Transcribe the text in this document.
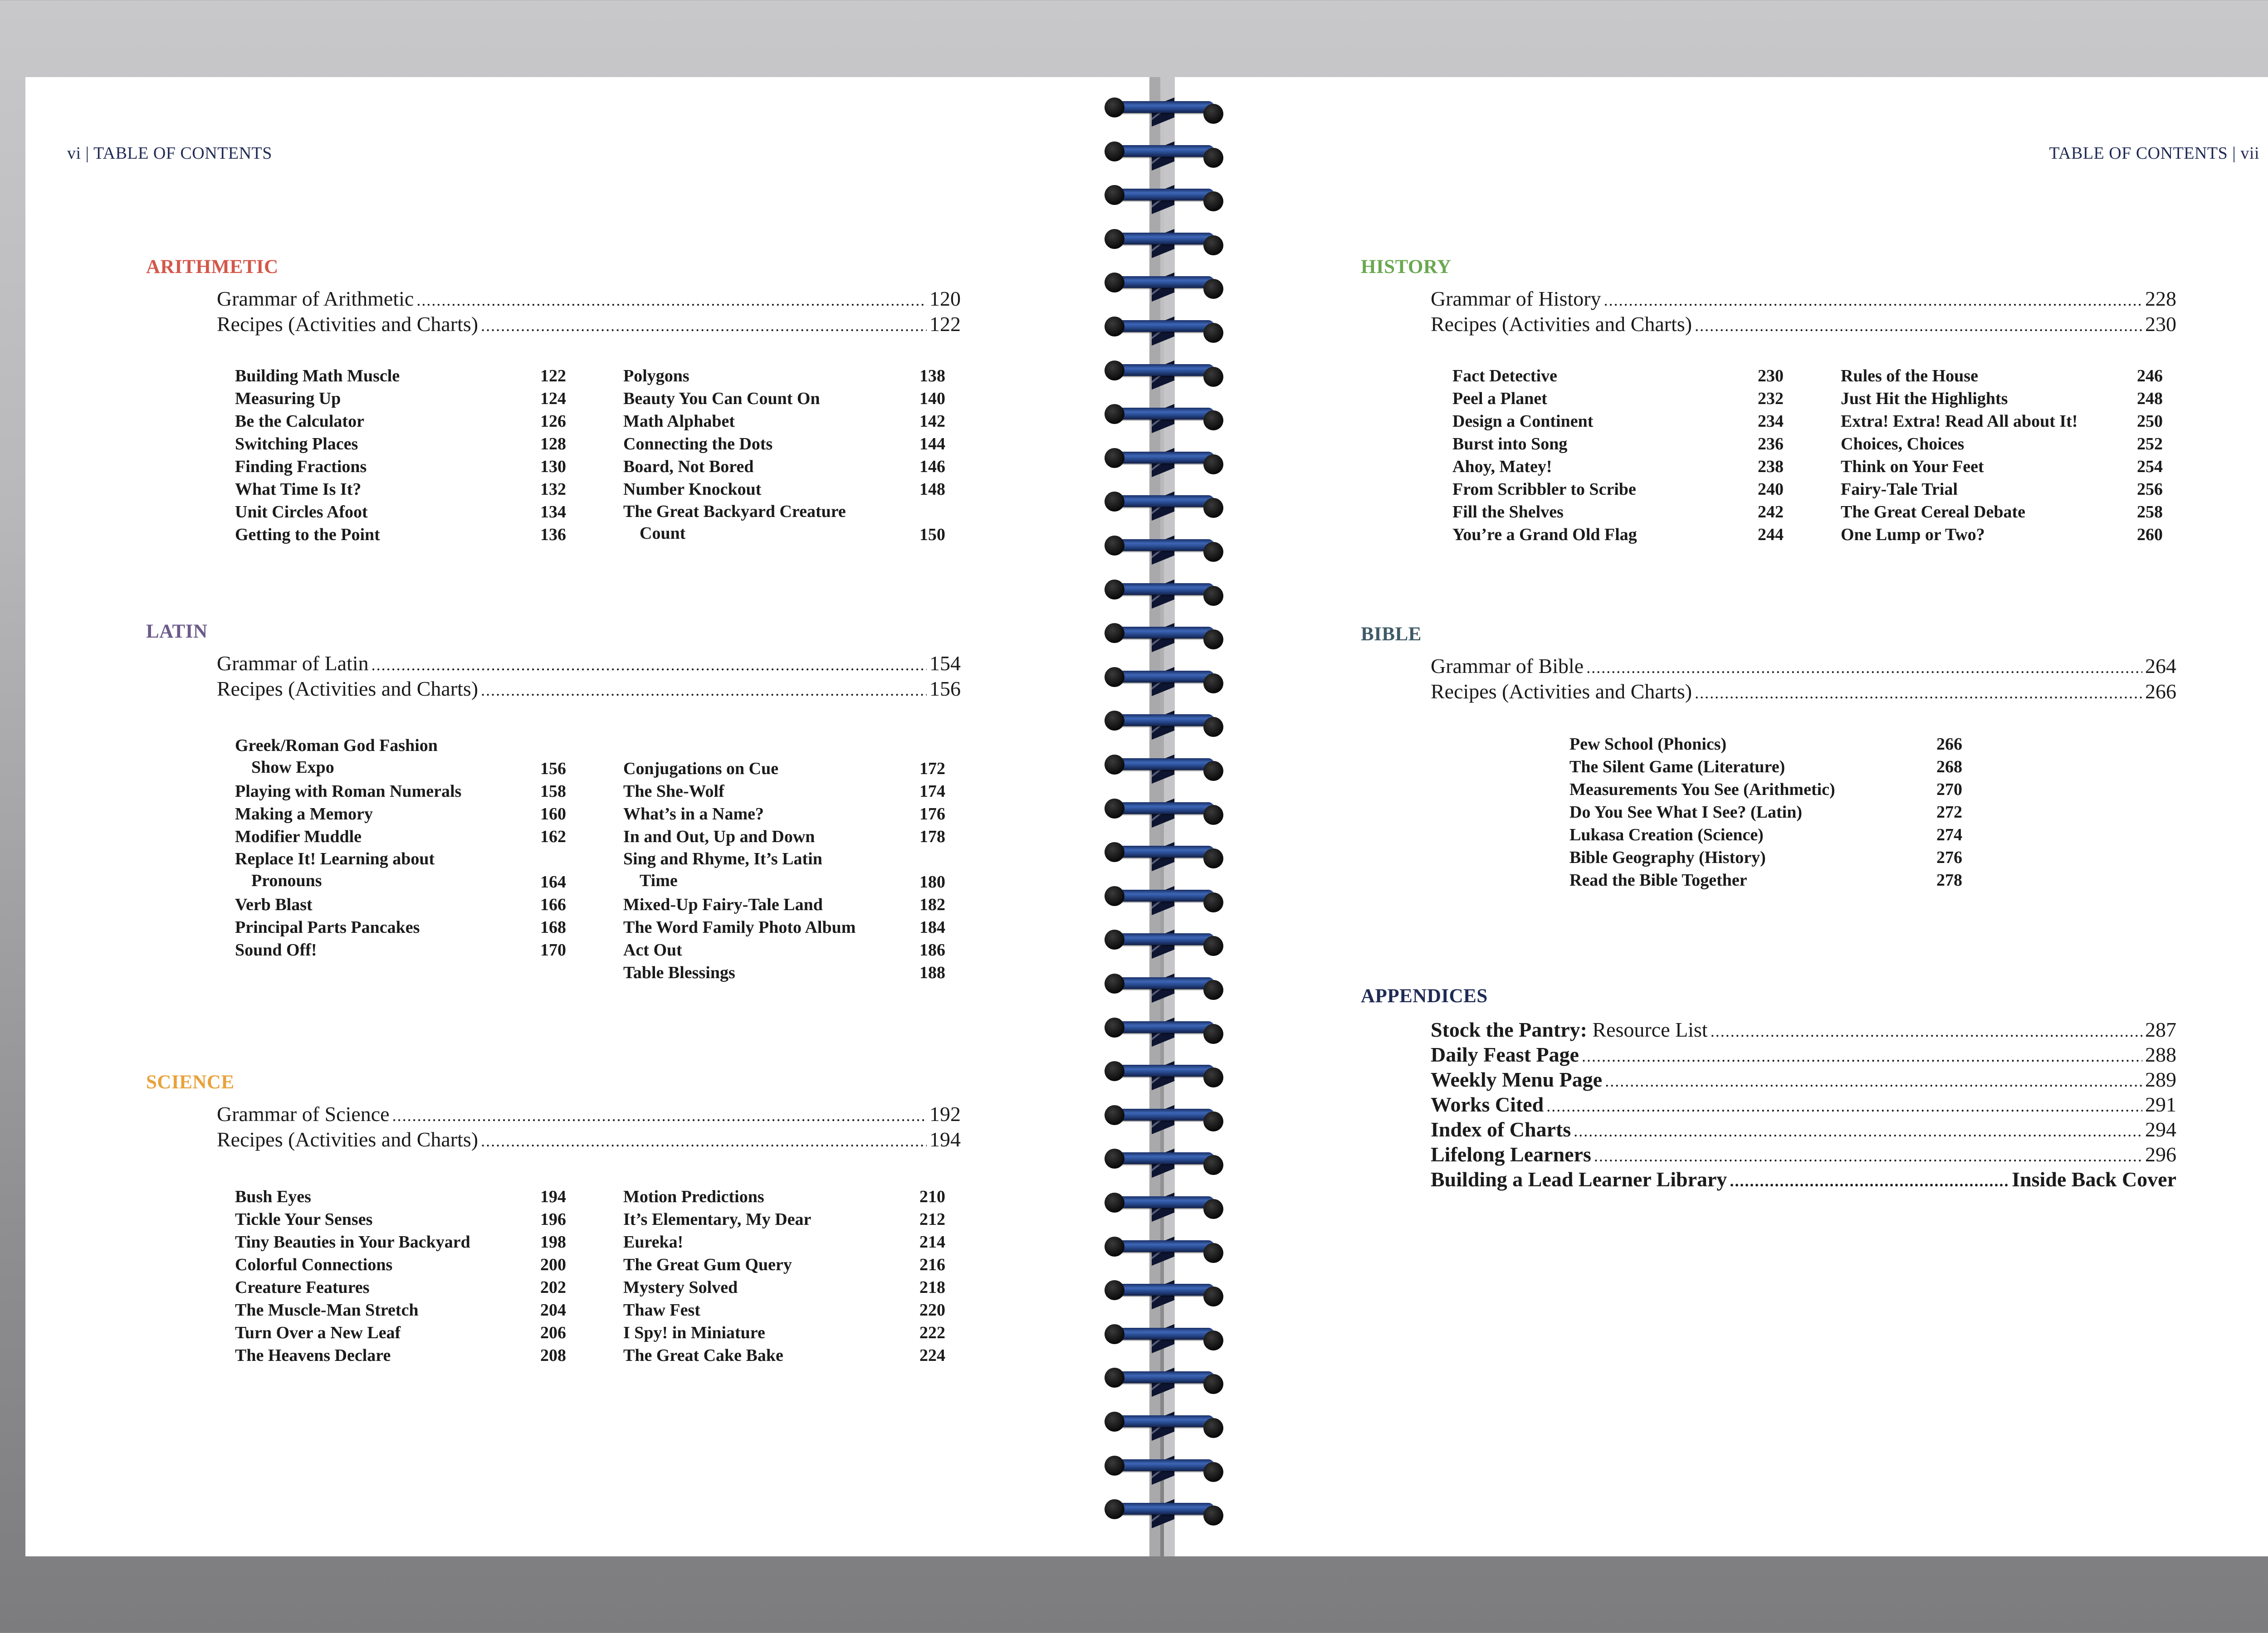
vi | TABLE OF CONTENTS	TABLE OF CONTENTS | vii
ARITHMETIC
Grammar of Arithmetic .....	120
Recipes (Activities and Charts) .....	122
Building Math Muscle	122
Measuring Up	124
Be the Calculator	126
Switching Places	128
Finding Fractions	130
What Time Is It?	132
Unit Circles Afoot	134
Getting to the Point	136
Polygons	138
Beauty You Can Count On	140
Math Alphabet	142
Connecting the Dots	144
Board, Not Bored	146
Number Knockout	148
The Great Backyard Creature
Count	150
LATIN
Grammar of Latin .....	154
Recipes (Activities and Charts) .....	156
Greek/Roman God Fashion
Show Expo	156
Playing with Roman Numerals	158
Making a Memory	160
Modifier Muddle	162
Replace It! Learning about
Pronouns	164
Verb Blast	166
Principal Parts Pancakes	168
Sound Off!	170
Conjugations on Cue	172
The She-Wolf	174
What’s in a Name?	176
In and Out, Up and Down	178
Sing and Rhyme, It’s Latin
Time	180
Mixed-Up Fairy-Tale Land	182
The Word Family Photo Album	184
Act Out	186
Table Blessings	188
SCIENCE
Grammar of Science .....	192
Recipes (Activities and Charts) .....	194
Bush Eyes	194
Tickle Your Senses	196
Tiny Beauties in Your Backyard	198
Colorful Connections	200
Creature Features	202
The Muscle-Man Stretch	204
Turn Over a New Leaf	206
The Heavens Declare	208
Motion Predictions	210
It’s Elementary, My Dear	212
Eureka!	214
The Great Gum Query	216
Mystery Solved	218
Thaw Fest	220
I Spy! in Miniature	222
The Great Cake Bake	224
HISTORY
Grammar of History .....	228
Recipes (Activities and Charts) .....	230
Fact Detective	230
Peel a Planet	232
Design a Continent	234
Burst into Song	236
Ahoy, Matey!	238
From Scribbler to Scribe	240
Fill the Shelves	242
You’re a Grand Old Flag	244
Rules of the House	246
Just Hit the Highlights	248
Extra! Extra! Read All about It!	250
Choices, Choices	252
Think on Your Feet	254
Fairy-Tale Trial	256
The Great Cereal Debate	258
One Lump or Two?	260
BIBLE
Grammar of Bible .....	264
Recipes (Activities and Charts) .....	266
Pew School (Phonics)	266
The Silent Game (Literature)	268
Measurements You See (Arithmetic)	270
Do You See What I See? (Latin)	272
Lukasa Creation (Science)	274
Bible Geography (History)	276
Read the Bible Together	278
APPENDICES
Stock the Pantry: Resource List .....	287
Daily Feast Page .....	288
Weekly Menu Page .....	289
Works Cited .....	291
Index of Charts .....	294
Lifelong Learners .....	296
Building a Lead Learner Library .....	Inside Back Cover
